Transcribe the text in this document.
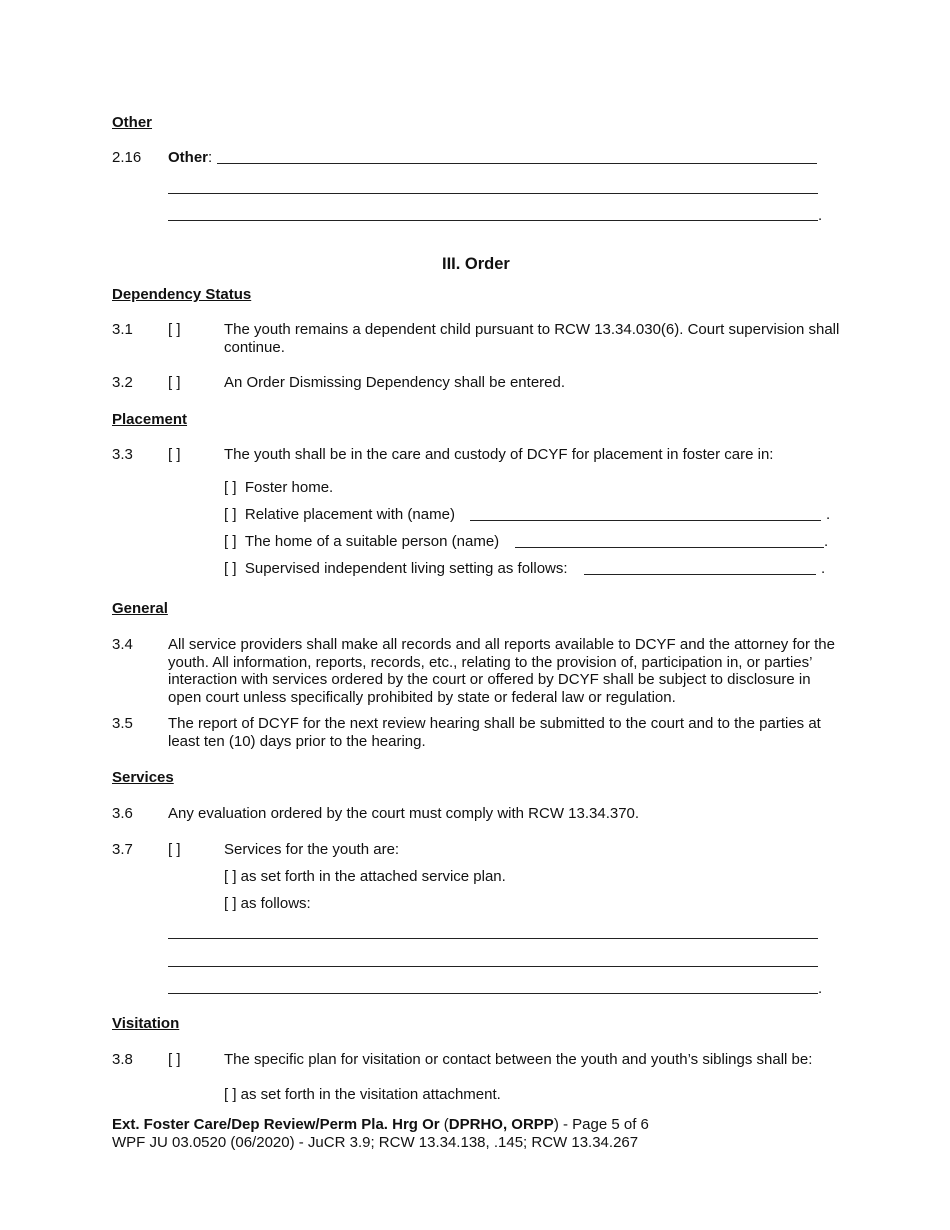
Other
2.16 Other:
.
III. Order
Dependency Status
3.1 [ ]	The youth remains a dependent child pursuant to RCW 13.34.030(6). Court supervision shall continue.
3.2 [ ]	An Order Dismissing Dependency shall be entered.
Placement
3.3 [ ]	The youth shall be in the care and custody of DCYF for placement in foster care in:
[ ] Foster home.
[ ] Relative placement with (name)	.
[ ] The home of a suitable person (name)	.
[ ] Supervised independent living setting as follows:	.
General
3.4 All service providers shall make all records and all reports available to DCYF and the attorney for the youth. All information, reports, records, etc., relating to the provision of, participation in, or parties’ interaction with services ordered by the court or offered by DCYF shall be subject to disclosure in open court unless specifically prohibited by state or federal law or regulation.
3.5 The report of DCYF for the next review hearing shall be submitted to the court and to the parties at least ten (10) days prior to the hearing.
Services
3.6 Any evaluation ordered by the court must comply with RCW 13.34.370.
3.7 [ ]	Services for the youth are:
[ ] as set forth in the attached service plan.
[ ] as follows:
.
Visitation
3.8 [ ]	The specific plan for visitation or contact between the youth and youth’s siblings shall be:
[ ] as set forth in the visitation attachment.
Ext. Foster Care/Dep Review/Perm Pla. Hrg Or (DPRHO, ORPP) - Page 5 of 6
WPF JU 03.0520 (06/2020) - JuCR 3.9; RCW 13.34.138, .145; RCW 13.34.267
